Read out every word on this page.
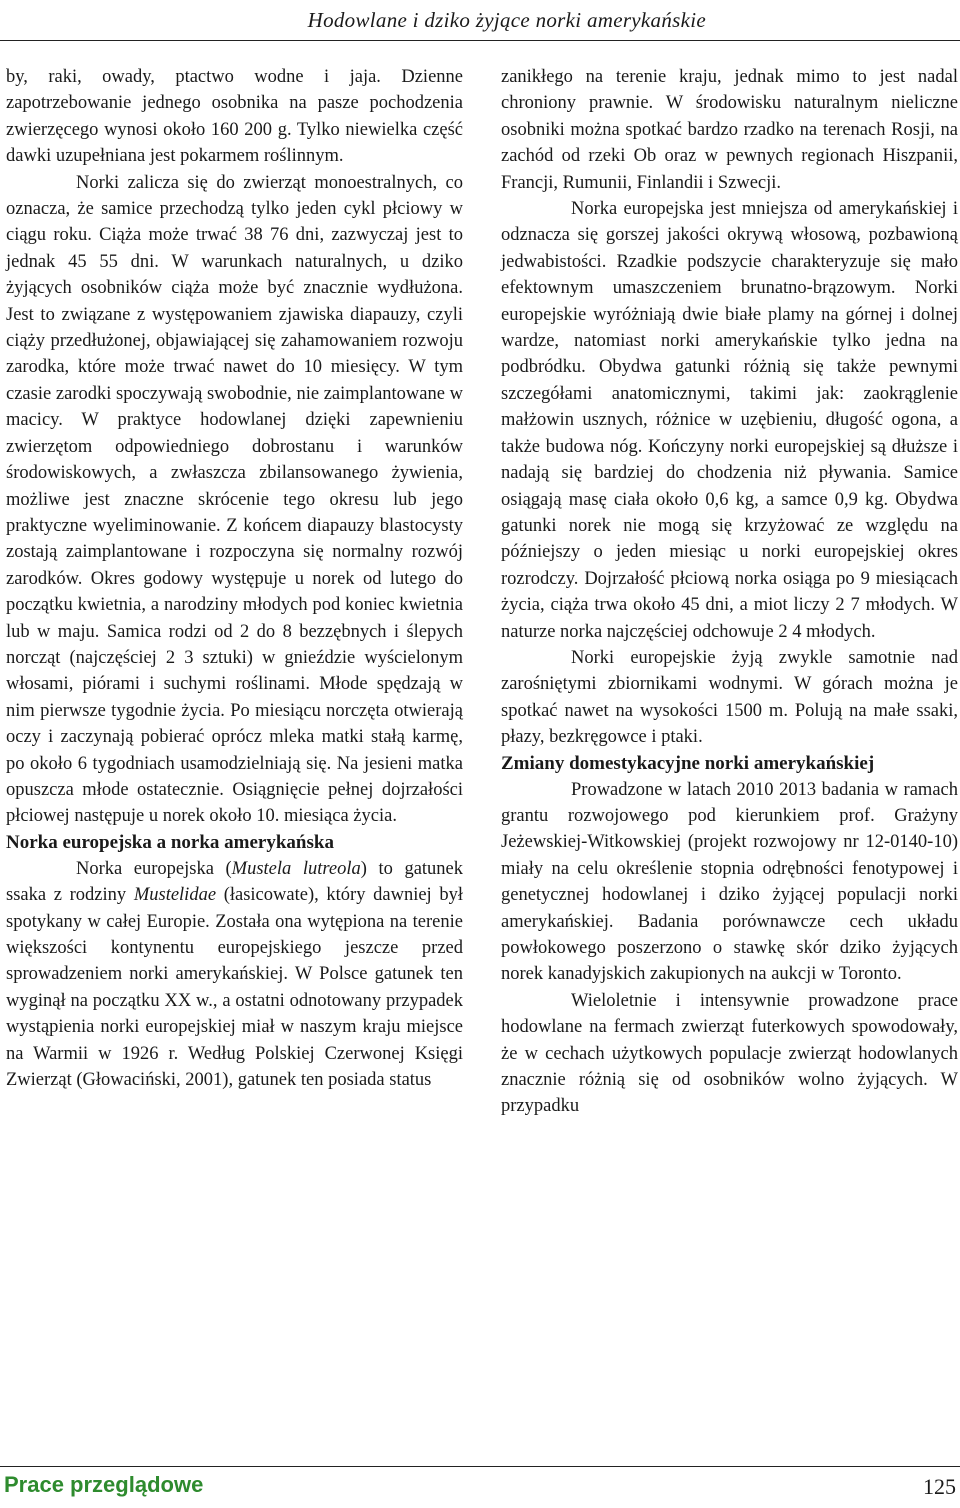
Hodowlane i dziko żyjące norki amerykańskie

by, raki, owady, ptactwo wodne i jaja. Dzienne zapotrzebowanie jednego osobnika na pasze pochodzenia zwierzęcego wynosi około 160 200 g. Tylko niewielka część dawki uzupełniana jest pokarmem roślinnym.

Norki zalicza się do zwierząt monoestralnych, co oznacza, że samice przechodzą tylko jeden cykl płciowy w ciągu roku. Ciąża może trwać 38 76 dni, zazwyczaj jest to jednak 45 55 dni. W warunkach naturalnych, u dziko żyjących osobników ciąża może być znacznie wydłużona. Jest to związane z występowaniem zjawiska diapauzy, czyli ciąży przedłużonej, objawiającej się zahamowaniem rozwoju zarodka, które może trwać nawet do 10 miesięcy. W tym czasie zarodki spoczywają swobodnie, nie zaimplantowane w macicy. W praktyce hodowlanej dzięki zapewnieniu zwierzętom odpowiedniego dobrostanu i warunków środowiskowych, a zwłaszcza zbilansowanego żywienia, możliwe jest znaczne skrócenie tego okresu lub jego praktyczne wyeliminowanie. Z końcem diapauzy blastocysty zostają zaimplantowane i rozpoczyna się normalny rozwój zarodków. Okres godowy występuje u norek od lutego do początku kwietnia, a narodziny młodych pod koniec kwietnia lub w maju. Samica rodzi od 2 do 8 bezzębnych i ślepych norcząt (najczęściej 2 3 sztuki) w gnieździe wyścielonym włosami, piórami i suchymi roślinami. Młode spędzają w nim pierwsze tygodnie życia. Po miesiącu norczęta otwierają oczy i zaczynają pobierać oprócz mleka matki stałą karmę, po około 6 tygodniach usamodzielniają się. Na jesieni matka opuszcza młode ostatecznie. Osiągnięcie pełnej dojrzałości płciowej następuje u norek około 10. miesiąca życia.

Norka europejska a norka amerykańska

Norka europejska (Mustela lutreola) to gatunek ssaka z rodziny Mustelidae (łasicowate), który dawniej był spotykany w całej Europie. Została ona wytępiona na terenie większości kontynentu europejskiego jeszcze przed sprowadzeniem norki amerykańskiej. W Polsce gatunek ten wyginął na początku XX w., a ostatni odnotowany przypadek wystąpienia norki europejskiej miał w naszym kraju miejsce na Warmii w 1926 r. Według Polskiej Czerwonej Księgi Zwierząt (Głowaciński, 2001), gatunek ten posiada status

zanikłego na terenie kraju, jednak mimo to jest nadal chroniony prawnie. W środowisku naturalnym nieliczne osobniki można spotkać bardzo rzadko na terenach Rosji, na zachód od rzeki Ob oraz w pewnych regionach Hiszpanii, Francji, Rumunii, Finlandii i Szwecji.

Norka europejska jest mniejsza od amerykańskiej i odznacza się gorszej jakości okrywą włosową, pozbawioną jedwabistości. Rzadkie podszycie charakteryzuje się mało efektownym umaszczeniem brunatno-brązowym. Norki europejskie wyróżniają dwie białe plamy na górnej i dolnej wardze, natomiast norki amerykańskie tylko jedna na podbródku. Obydwa gatunki różnią się także pewnymi szczegółami anatomicznymi, takimi jak: zaokrąglenie małżowin usznych, różnice w uzębieniu, długość ogona, a także budowa nóg. Kończyny norki europejskiej są dłuższe i nadają się bardziej do chodzenia niż pływania. Samice osiągają masę ciała około 0,6 kg, a samce 0,9 kg. Obydwa gatunki norek nie mogą się krzyżować ze względu na późniejszy o jeden miesiąc u norki europejskiej okres rozrodczy. Dojrzałość płciową norka osiąga po 9 miesiącach życia, ciąża trwa około 45 dni, a miot liczy 2 7 młodych. W naturze norka najczęściej odchowuje 2 4 młodych.

Norki europejskie żyją zwykle samotnie nad zarośniętymi zbiornikami wodnymi. W górach można je spotkać nawet na wysokości 1500 m. Polują na małe ssaki, płazy, bezkręgowce i ptaki.

Zmiany domestykacyjne norki amerykańskiej

Prowadzone w latach 2010 2013 badania w ramach grantu rozwojowego pod kierunkiem prof. Grażyny Jeżewskiej-Witkowskiej (projekt rozwojowy nr 12-0140-10) miały na celu określenie stopnia odrębności fenotypowej i genetycznej hodowlanej i dziko żyjącej populacji norki amerykańskiej. Badania porównawcze cech układu powłokowego poszerzono o stawkę skór dziko żyjących norek kanadyjskich zakupionych na aukcji w Toronto.

Wieloletnie i intensywnie prowadzone prace hodowlane na fermach zwierząt futerkowych spowodowały, że w cechach użytkowych populacje zwierząt hodowlanych znacznie różnią się od osobników wolno żyjących. W przypadku

Prace przeglądowe	125
